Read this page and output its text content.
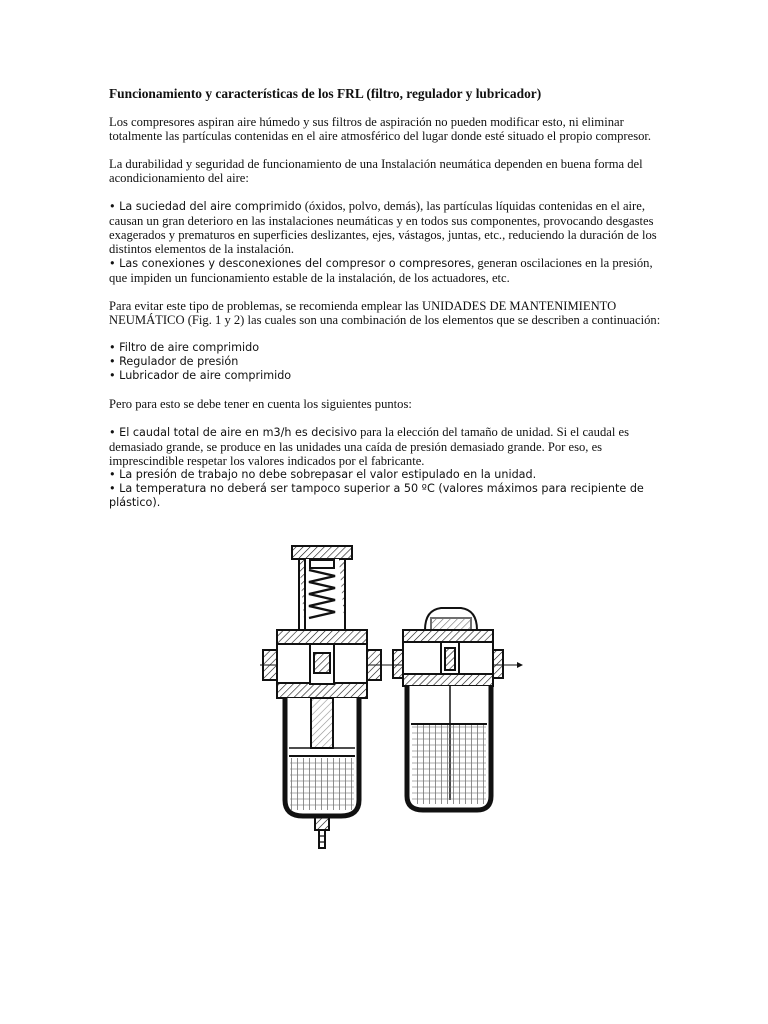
Funcionamiento y características de los FRL (filtro, regulador y lubricador)

Los compresores aspiran aire húmedo y sus filtros de aspiración no pueden modificar esto, ni eliminar totalmente las partículas contenidas en el aire atmosférico del lugar donde esté situado el propio compresor.

La durabilidad y seguridad de funcionamiento de una Instalación neumática dependen en buena forma del acondicionamiento del aire:

• La suciedad del aire comprimido (óxidos, polvo, demás), las partículas líquidas contenidas en el aire, causan un gran deterioro en las instalaciones neumáticas y en todos sus componentes, provocando desgastes exagerados y prematuros en superficies deslizantes, ejes, vástagos, juntas, etc., reduciendo la duración de los distintos elementos de la instalación.
• Las conexiones y desconexiones del compresor o compresores, generan oscilaciones en la presión, que impiden un funcionamiento estable de la instalación, de los actuadores, etc.

Para evitar este tipo de problemas, se recomienda emplear las UNIDADES DE MANTENIMIENTO NEUMÁTICO (Fig. 1 y 2) las cuales son una combinación de los elementos que se describen a continuación:

• Filtro de aire comprimido
• Regulador de presión
• Lubricador de aire comprimido

Pero para esto se debe tener en cuenta los siguientes puntos:

• El caudal total de aire en m3/h es decisivo para la elección del tamaño de unidad. Si el caudal es demasiado grande, se produce en las unidades una caída de presión demasiado grande. Por eso, es imprescindible respetar los valores indicados por el fabricante.
• La presión de trabajo no debe sobrepasar el valor estipulado en la unidad.
• La temperatura no deberá ser tampoco superior a 50 ºC (valores máximos para recipiente de plástico).
